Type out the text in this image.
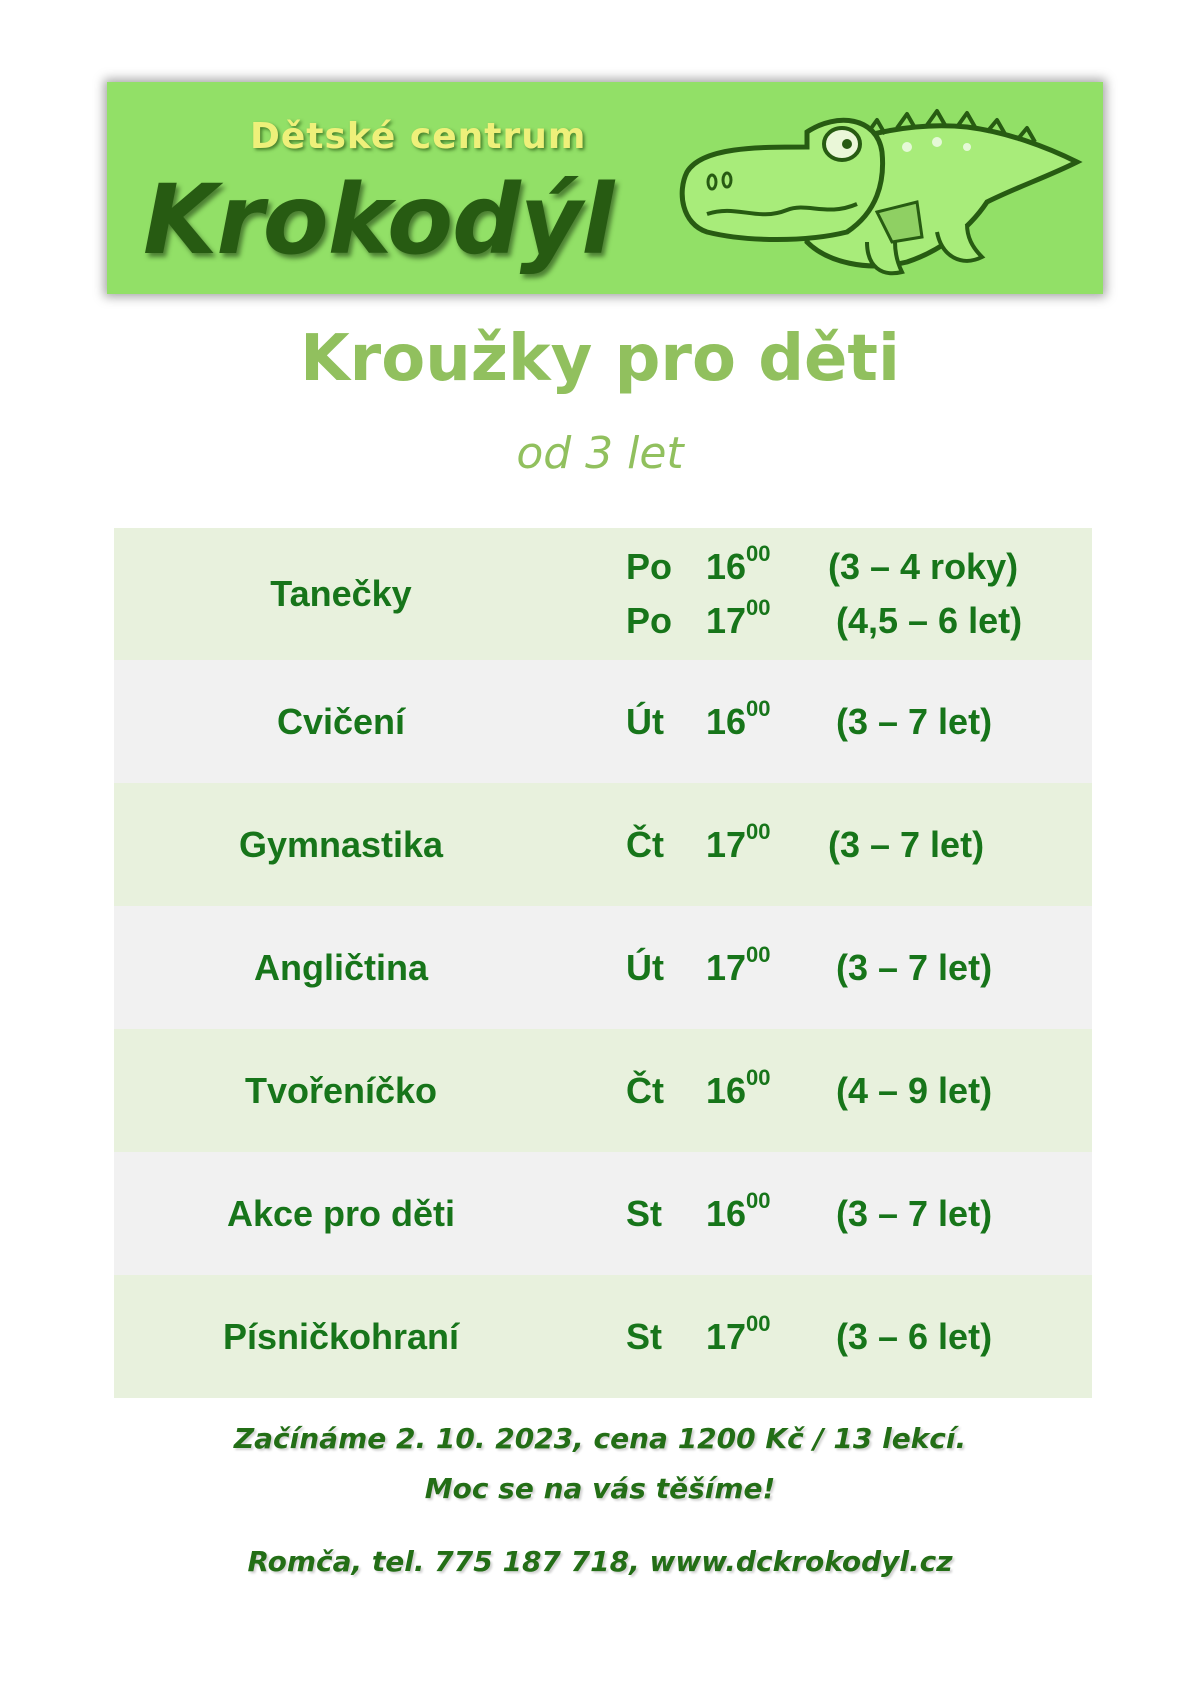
Dětské centrum
Krokodýl
Kroužky pro děti
od 3 let
Tanečky
Po $16^{00}$ (3 – 4 roky)
Po $17^{00}$ (4,5 – 6 let)
Cvičení	Út $16^{00}$ (3 – 7 let)
Gymnastika	Čt $17^{00}$ (3 – 7 let)
Angličtina	Út $17^{00}$ (3 – 7 let)
Tvořeníčko	Čt $16^{00}$ (4 – 9 let)
Akce pro děti	St $16^{00}$ (3 – 7 let)
Písničkohraní	St $17^{00}$ (3 – 6 let)
Začínáme 2. 10. 2023, cena 1200 Kč / 13 lekcí.
Moc se na vás těšíme!
Romča, tel. 775 187 718, www.dckrokodyl.cz
